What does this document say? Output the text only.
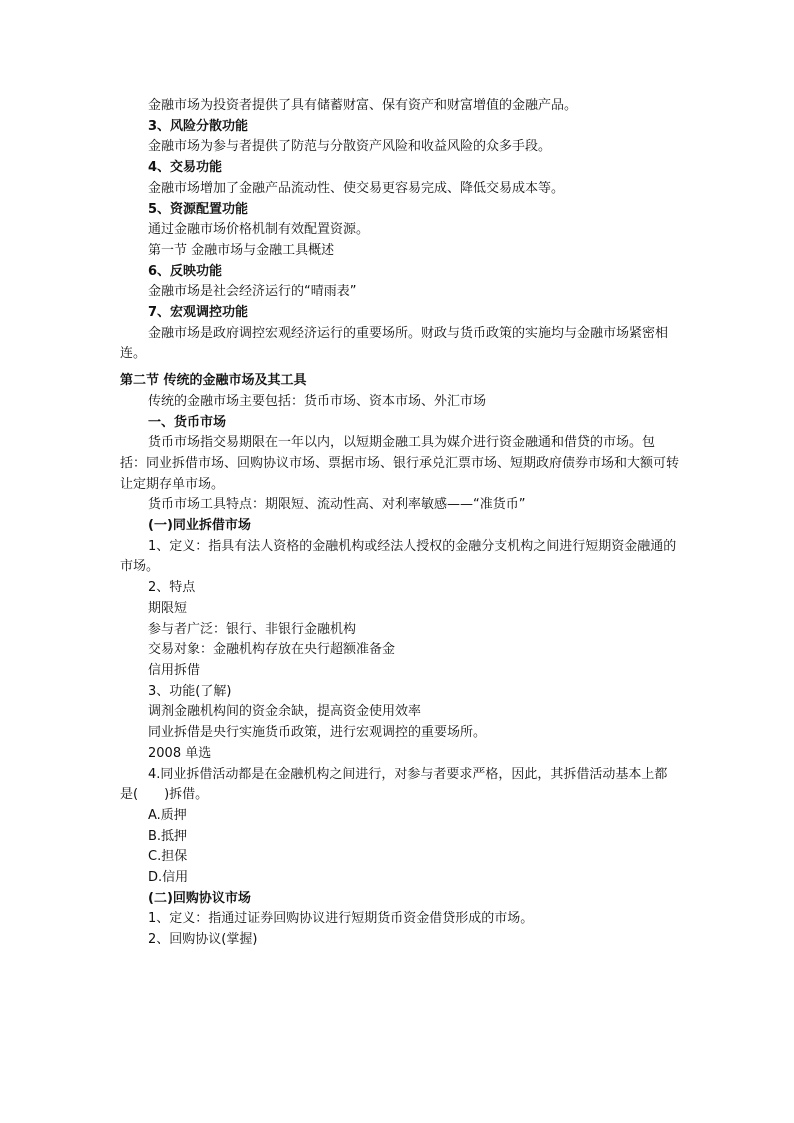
金融市场为投资者提供了具有储蓄财富、保有资产和财富增值的金融产品。
3、风险分散功能
金融市场为参与者提供了防范与分散资产风险和收益风险的众多手段。
4、交易功能
金融市场增加了金融产品流动性、使交易更容易完成、降低交易成本等。
5、资源配置功能
通过金融市场价格机制有效配置资源。
第一节 金融市场与金融工具概述
6、反映功能
金融市场是社会经济运行的“晴雨表”
7、宏观调控功能
金融市场是政府调控宏观经济运行的重要场所。财政与货币政策的实施均与金融市场紧密相连。
第二节 传统的金融市场及其工具
传统的金融市场主要包括：货币市场、资本市场、外汇市场
一、货币市场
货币市场指交易期限在一年以内，以短期金融工具为媒介进行资金融通和借贷的市场。包括：同业拆借市场、回购协议市场、票据市场、银行承兑汇票市场、短期政府债券市场和大额可转让定期存单市场。
货币市场工具特点：期限短、流动性高、对利率敏感——“准货币”
(一)同业拆借市场
1、定义：指具有法人资格的金融机构或经法人授权的金融分支机构之间进行短期资金融通的市场。
2、特点
期限短
参与者广泛：银行、非银行金融机构
交易对象：金融机构存放在央行超额准备金
信用拆借
3、功能(了解)
调剂金融机构间的资金余缺，提高资金使用效率
同业拆借是央行实施货币政策，进行宏观调控的重要场所。
2008 单选
4.同业拆借活动都是在金融机构之间进行，对参与者要求严格，因此，其拆借活动基本上都是(　　)拆借。
A.质押
B.抵押
C.担保
D.信用
(二)回购协议市场
1、定义：指通过证券回购协议进行短期货币资金借贷形成的市场。
2、回购协议(掌握)
